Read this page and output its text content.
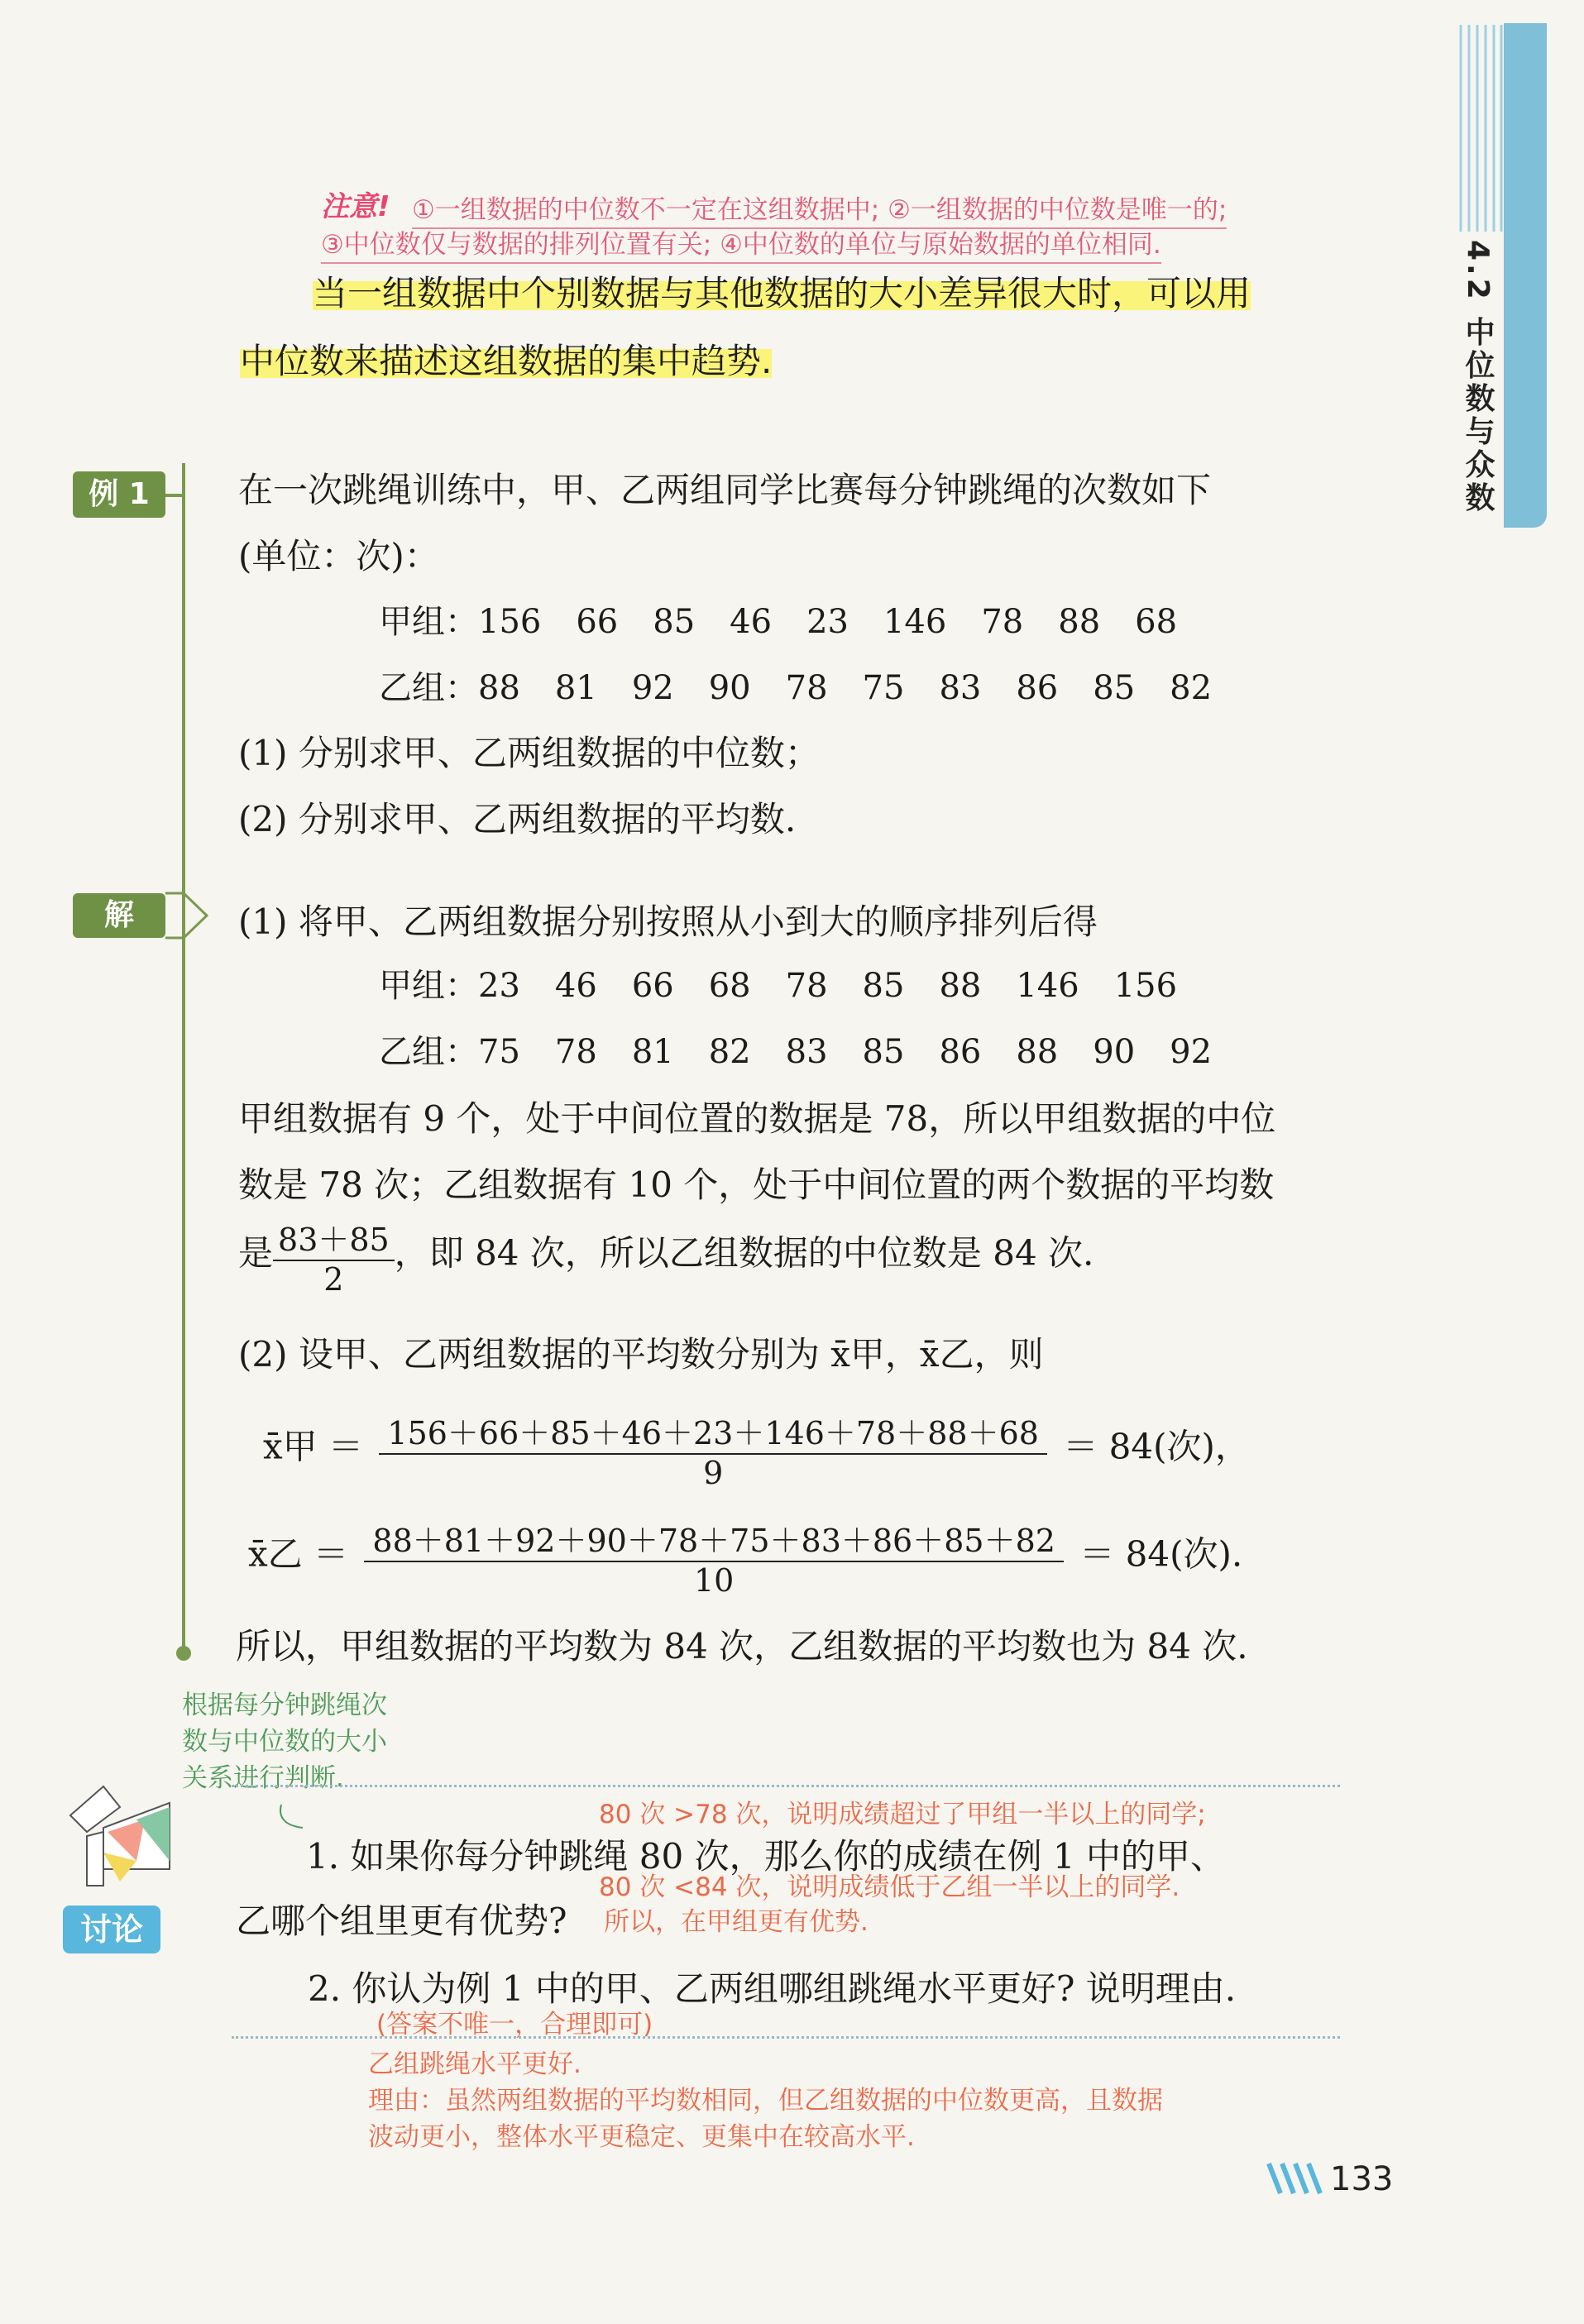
4.2 中位数与众数
注意! ①一组数据的中位数不一定在这组数据中; ②一组数据的中位数是唯一的;
③中位数仅与数据的排列位置有关; ④中位数的单位与原始数据的单位相同.
当一组数据中个别数据与其他数据的大小差异很大时，可以用
中位数来描述这组数据的集中趋势.
例 1	在一次跳绳训练中，甲、乙两组同学比赛每分钟跳绳的次数如下
(单位：次)：
甲组：156 66 85 46 23 146 78 88 68
乙组：88 81 92 90 78 75 83 86 85 82
(1) 分别求甲、乙两组数据的中位数；
(2) 分别求甲、乙两组数据的平均数.
解	(1) 将甲、乙两组数据分别按照从小到大的顺序排列后得
甲组：23 46 66 68 78 85 88 146 156
乙组：75 78 81 82 83 85 86 88 90 92
甲组数据有 9 个，处于中间位置的数据是 78，所以甲组数据的中位
数是 78 次；乙组数据有 10 个，处于中间位置的两个数据的平均数
是 $\frac{83+85}{2}$ ，即 84 次，所以乙组数据的中位数是 84 次.
(2) 设甲、乙两组数据的平均数分别为 x̄甲，x̄乙，则
x̄甲 ＝ $\frac{156+66+85+46+23+146+78+88+68}{9} = 84$(次)，
x̄乙 ＝ $\frac{88+81+92+90+78+75+83+86+85+82}{10} = 84$(次).
所以，甲组数据的平均数为 84 次，乙组数据的平均数也为 84 次.
根据每分钟跳绳次
数与中位数的大小
关系进行判断.
讨论
80 次 >78 次，说明成绩超过了甲组一半以上的同学;
1. 如果你每分钟跳绳 80 次，那么你的成绩在例 1 中的甲、
80 次 <84 次，说明成绩低于乙组一半以上的同学.
乙哪个组里更有优势? 所以，在甲组更有优势.
2. 你认为例 1 中的甲、乙两组哪组跳绳水平更好? 说明理由.
(答案不唯一，合理即可)
乙组跳绳水平更好.
理由：虽然两组数据的平均数相同，但乙组数据的中位数更高，且数据
波动更小，整体水平更稳定、更集中在较高水平.
133
